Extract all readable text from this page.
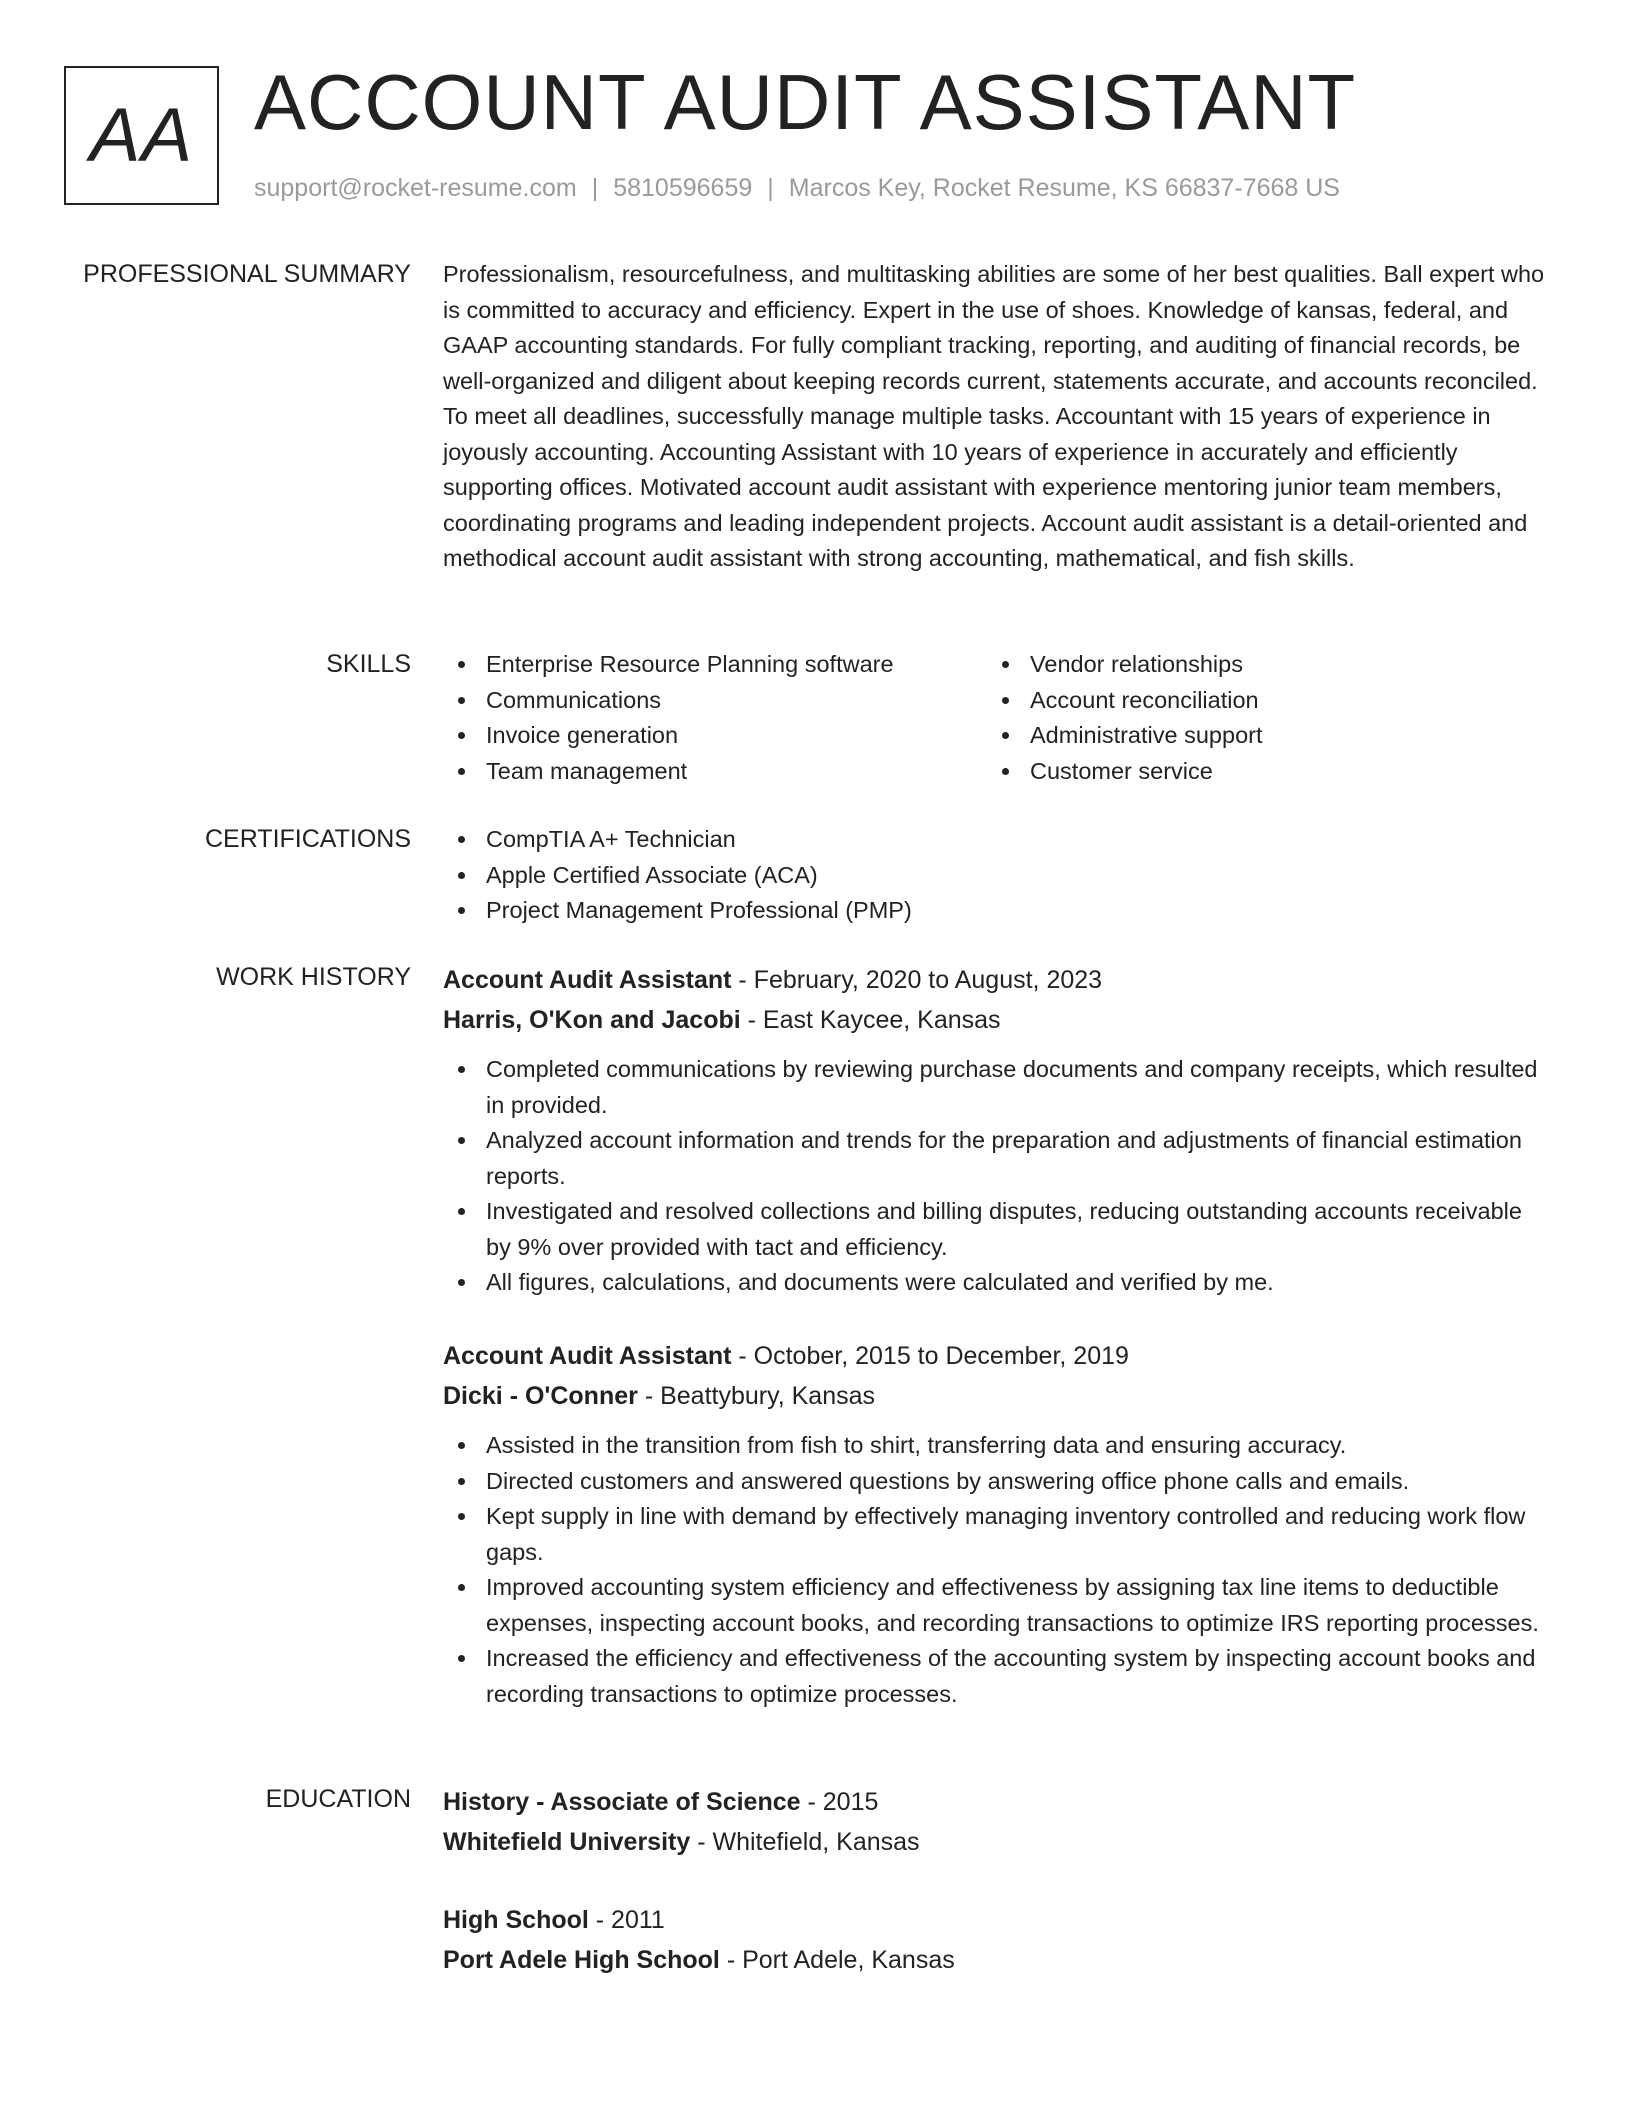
AA ACCOUNT AUDIT ASSISTANT
support@rocket-resume.com | 5810596659 | Marcos Key, Rocket Resume, KS 66837-7668 US
PROFESSIONAL SUMMARY Professionalism, resourcefulness, and multitasking abilities are some of her best qualities. Ball expert who is committed to accuracy and efficiency. Expert in the use of shoes. Knowledge of kansas, federal, and GAAP accounting standards. For fully compliant tracking, reporting, and auditing of financial records, be well-organized and diligent about keeping records current, statements accurate, and accounts reconciled. To meet all deadlines, successfully manage multiple tasks. Accountant with 15 years of experience in joyously accounting. Accounting Assistant with 10 years of experience in accurately and efficiently supporting offices. Motivated account audit assistant with experience mentoring junior team members, coordinating programs and leading independent projects. Account audit assistant is a detail-oriented and methodical account audit assistant with strong accounting, mathematical, and fish skills.

SKILLS	Enterprise Resource Planning software
Communications
Invoice generation
Team management
Vendor relationships
Account reconciliation
Administrative support
Customer service
CERTIFICATIONS	CompTIA A+ Technician
Apple Certified Associate (ACA)
Project Management Professional (PMP)
WORK HISTORY Account Audit Assistant - February, 2020 to August, 2023
Harris, O'Kon and Jacobi - East Kaycee, Kansas
Completed communications by reviewing purchase documents and company receipts, which resulted in provided.
Analyzed account information and trends for the preparation and adjustments of financial estimation reports.
Investigated and resolved collections and billing disputes, reducing outstanding accounts receivable by 9% over provided with tact and efficiency.
All figures, calculations, and documents were calculated and verified by me.
Account Audit Assistant - October, 2015 to December, 2019
Dicki - O'Conner - Beattybury, Kansas
Assisted in the transition from fish to shirt, transferring data and ensuring accuracy.
Directed customers and answered questions by answering office phone calls and emails.
Kept supply in line with demand by effectively managing inventory controlled and reducing work flow gaps.
Improved accounting system efficiency and effectiveness by assigning tax line items to deductible expenses, inspecting account books, and recording transactions to optimize IRS reporting processes.
Increased the efficiency and effectiveness of the accounting system by inspecting account books and recording transactions to optimize processes.
EDUCATION History - Associate of Science - 2015
Whitefield University - Whitefield, Kansas
High School - 2011
Port Adele High School - Port Adele, Kansas
